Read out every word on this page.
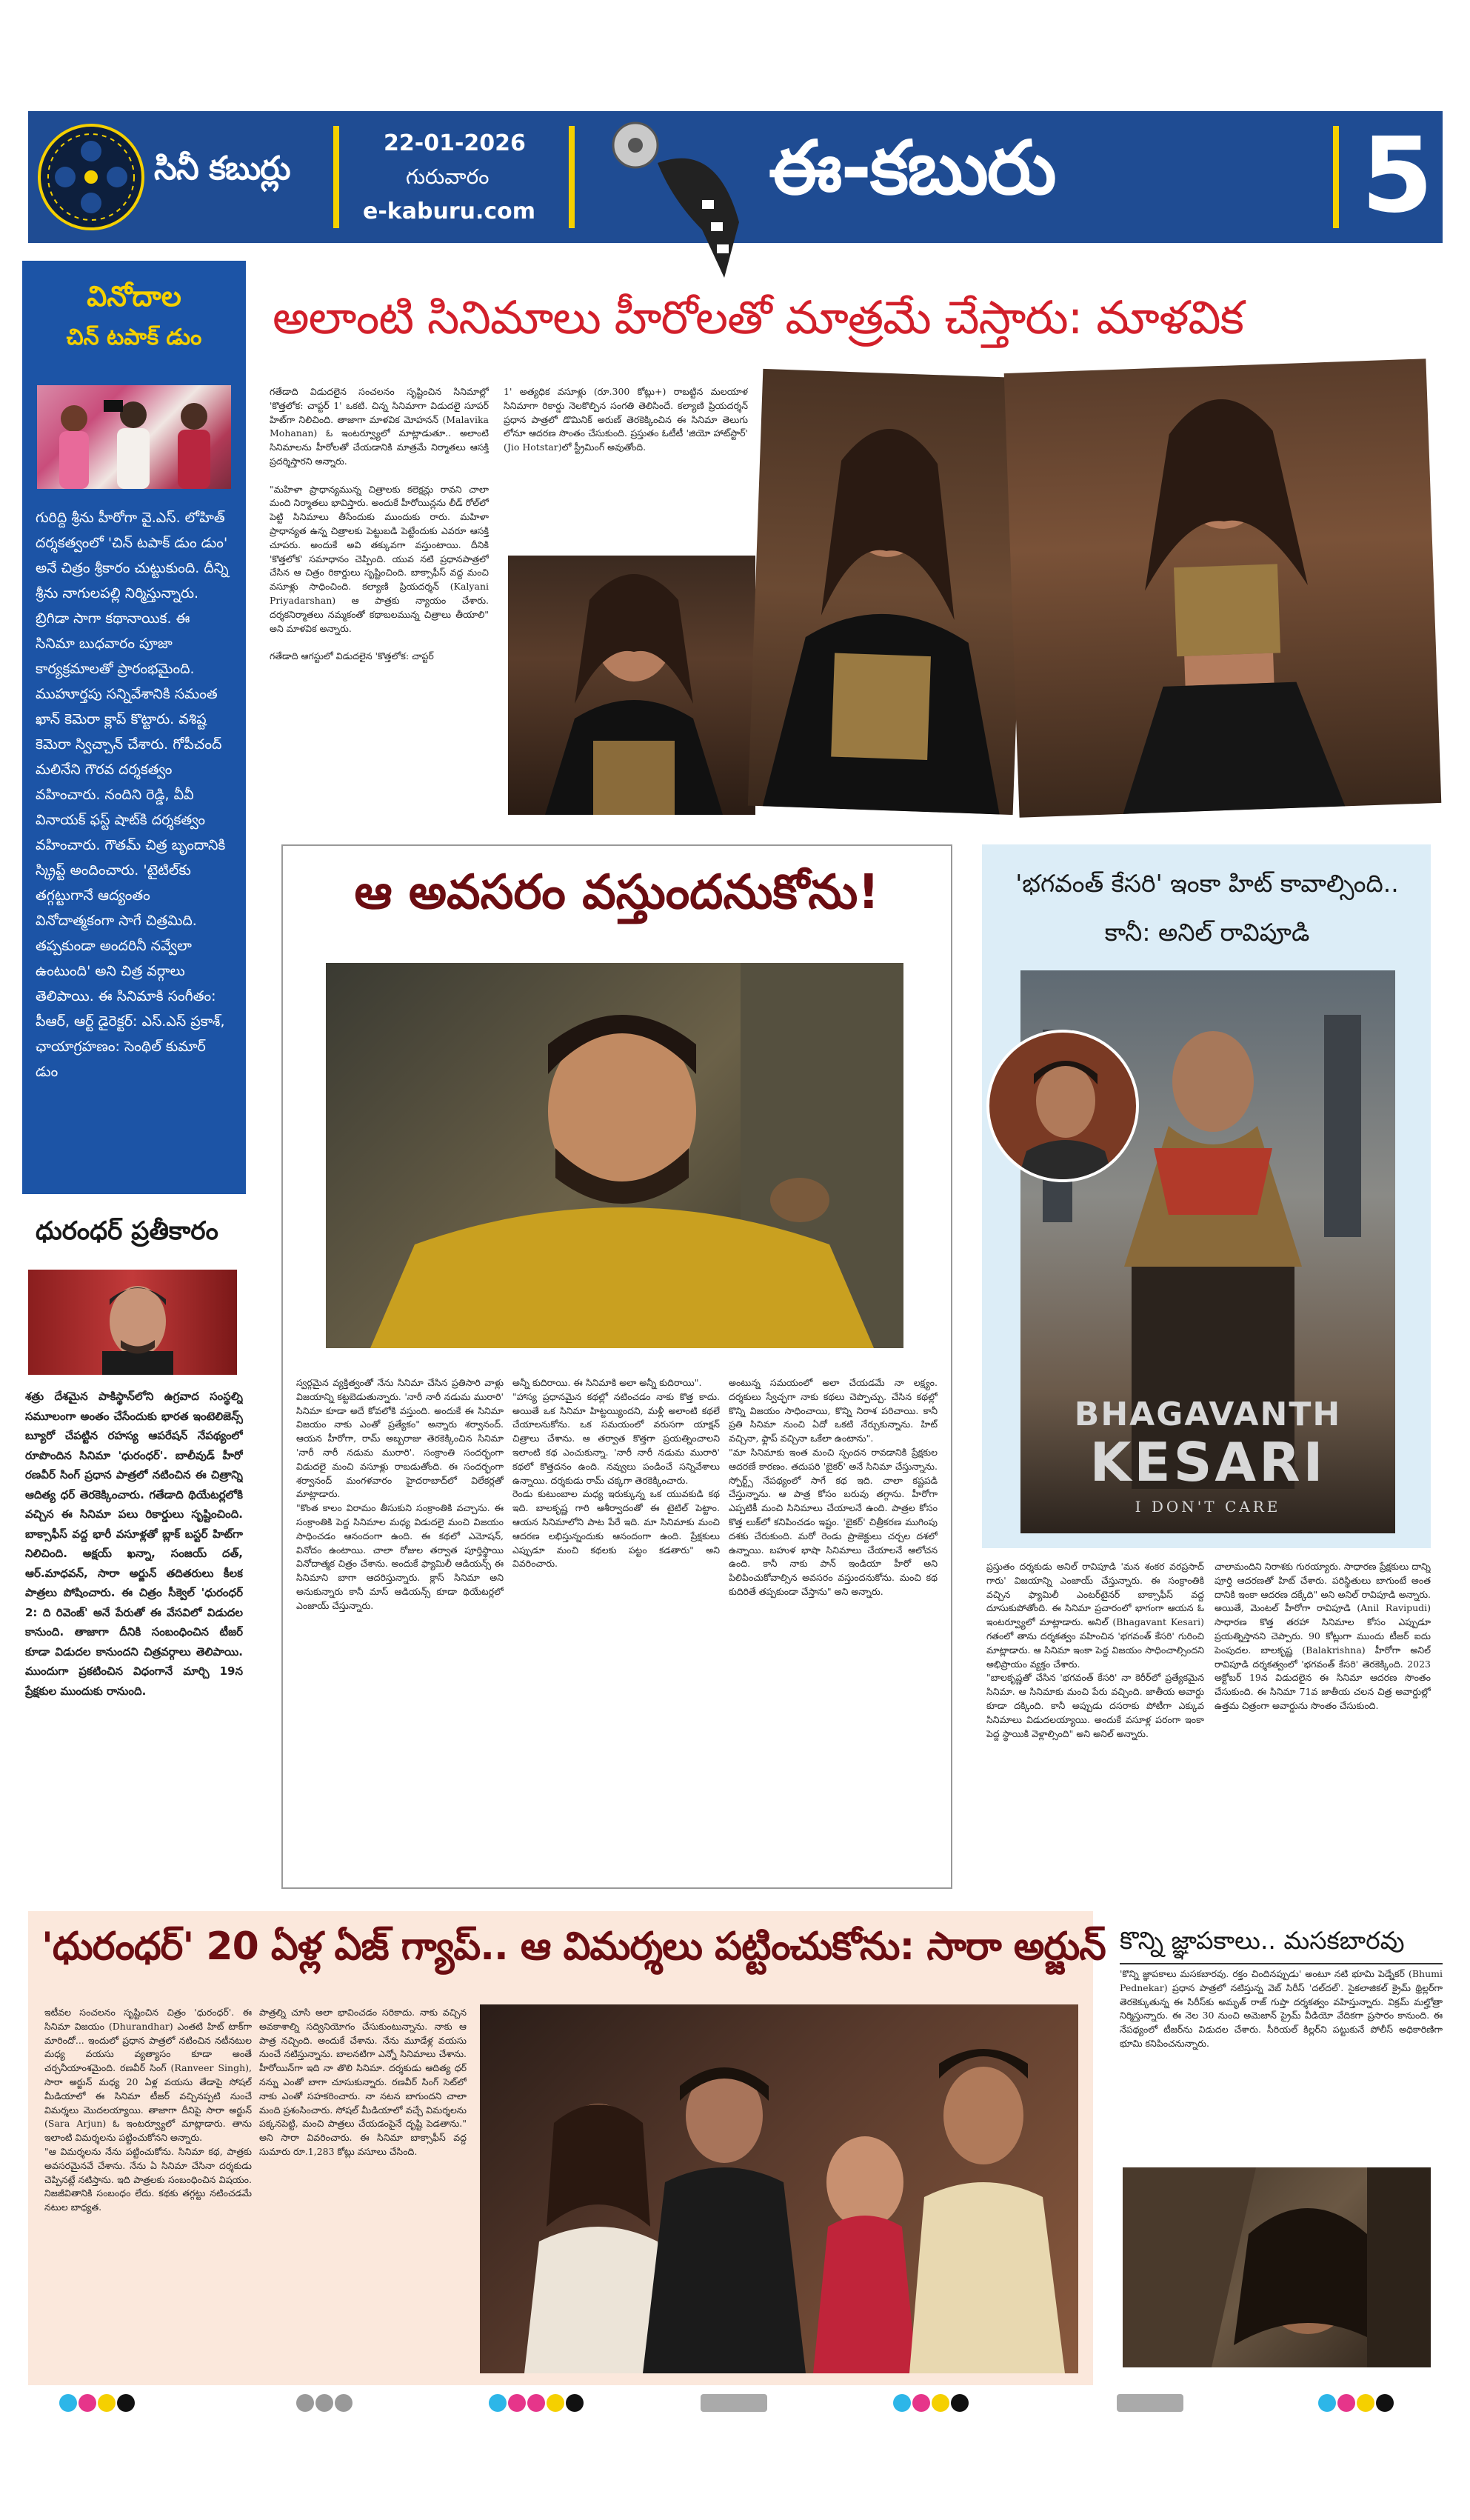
సినీ కబుర్లు
22-01-2026
గురువారం
e-kaburu.com
ఈ-కబురు	5
వినోదాల
చిన్ టపాక్ డుం
గురిద్ది శ్రీను హీరోగా వై.ఎస్. లోహిత్ దర్శకత్వంలో 'చిన్ టపాక్ డుం డుం' అనే చిత్రం శ్రీకారం చుట్టుకుంది. దీన్ని శ్రీను నాగులపల్లి నిర్మిస్తున్నారు. బ్రిగిడా సాగా కథానాయిక. ఈ సినిమా బుధవారం పూజా కార్యక్రమాలతో ప్రారంభమైంది. ముహూర్తపు సన్నివేశానికి సమంత ఖాన్ కెమెరా క్లాప్ కొట్టారు. వశిష్ట కెమెరా స్విచ్చాన్ చేశారు. గోపీచంద్ మలినేని గౌరవ దర్శకత్వం వహించారు. నందిని రెడ్డి, వీవీ వినాయక్ ఫస్ట్ షాట్‌కి దర్శకత్వం వహించారు. గౌతమ్ చిత్ర బృందానికి స్క్రిప్ట్ అందించారు. 'టైటిల్‌కు తగ్గట్టుగానే ఆద్యంతం వినోదాత్మకంగా సాగే చిత్రమిది. తప్పకుండా అందరినీ నవ్వేలా ఉంటుంది' అని చిత్ర వర్గాలు తెలిపాయి. ఈ సినిమాకి సంగీతం: పీఆర్, ఆర్ట్ డైరెక్టర్: ఎస్.ఎస్ ప్రకాశ్, ఛాయాగ్రహణం: సెంథిల్ కుమార్ డుం
ధురంధర్ ప్రతీకారం
శత్రు దేశమైన పాకిస్థాన్‌లోని ఉగ్రవాద సంస్థల్ని సమూలంగా అంతం చేసేందుకు భారత ఇంటెలిజెన్స్ బ్యూరో చేపట్టిన రహస్య ఆపరేషన్ నేపథ్యంలో రూపొందిన సినిమా 'ధురంధర్'. బాలీవుడ్ హీరో రణవీర్ సింగ్ ప్రధాన పాత్రలో నటించిన ఈ చిత్రాన్ని ఆదిత్య ధర్ తెరకెక్కించారు. గతేడాది థియేటర్లలోకి వచ్చిన ఈ సినిమా పలు రికార్డులు సృష్టించింది. బాక్సాఫీస్ వద్ద భారీ వసూళ్లతో బ్లాక్ బస్టర్ హిట్‌గా నిలిచింది. అక్షయ్ ఖన్నా, సంజయ్ దత్, ఆర్.మాధవన్, సారా అర్జున్ తదితరులు కీలక పాత్రలు పోషించారు. ఈ చిత్రం సీక్వెల్ 'ధురంధర్ 2: ది రివెంజ్' అనే పేరుతో ఈ వేసవిలో విడుదల కానుంది. తాజాగా దీనికి సంబంధించిన టీజర్ కూడా విడుదల కానుందని చిత్రవర్గాలు తెలిపాయి. ముందుగా ప్రకటించిన విధంగానే మార్చి 19న ప్రేక్షకుల ముందుకు రానుంది.
అలాంటి సినిమాలు హీరోలతో మాత్రమే చేస్తారు: మాళవిక
గతేడాది విడుదలైన సంచలనం సృష్టించిన సినిమాల్లో 'కొత్తలోక: చాప్టర్ 1' ఒకటి. చిన్న సినిమాగా విడుదలై సూపర్ హిట్‌గా నిలిచింది. తాజాగా మాళవిక మోహనన్ (Malavika Mohanan) ఓ ఇంటర్వ్యూలో మాట్లాడుతూ.. అలాంటి సినిమాలను హీరోలతో చేయడానికి మాత్రమే నిర్మాతలు ఆసక్తి ప్రదర్శిస్తారని అన్నారు.

"మహిళా ప్రాధాన్యమున్న చిత్రాలకు కలెక్షన్లు రావని చాలా మంది నిర్మాతలు భావిస్తారు. అందుకే హీరోయిన్లను లీడ్ రోల్‌లో పెట్టి సినిమాలు తీసేందుకు ముందుకు రారు. మహిళా ప్రాధాన్యత ఉన్న చిత్రాలకు పెట్టుబడి పెట్టేందుకు ఎవరూ ఆసక్తి చూపరు. అందుకే అవి తక్కువగా వస్తుంటాయి. దీనికి 'కొత్తలోక' సమాధానం చెప్పింది. యువ నటి ప్రధానపాత్రలో చేసిన ఆ చిత్రం రికార్డులు సృష్టించింది. బాక్సాఫీస్ వద్ద మంచి వసూళ్లు సాధించింది. కల్యాణి ప్రియదర్శన్ (Kalyani Priyadarshan) ఆ పాత్రకు న్యాయం చేశారు. దర్శకనిర్మాతలు నమ్మకంతో కథాబలమున్న చిత్రాలు తీయాలి" అని మాళవిక అన్నారు.

గతేడాది ఆగస్టులో విడుదలైన 'కొత్తలోక: చాప్టర్
1' అత్యధిక వసూళ్లు (రూ.300 కోట్లు+) రాబట్టిన మలయాళ సినిమాగా రికార్డు నెలకొల్పిన సంగతి తెలిసిందే. కల్యాణి ప్రియదర్శన్ ప్రధాన పాత్రలో డొమినిక్ అరుణ్ తెరకెక్కించిన ఈ సినిమా తెలుగు లోనూ ఆదరణ సొంతం చేసుకుంది. ప్రస్తుతం ఓటీటీ 'జియో హాట్‌స్టార్' (Jio Hotstar)లో స్ట్రీమింగ్ అవుతోంది.
ఆ అవసరం వస్తుందనుకోను!
స్వర్గమైన వ్యక్తిత్వంతో నేను సినిమా చేసిన ప్రతిసారి వాళ్లు విజయాన్ని కట్టబెడుతున్నారు. 'నారీ నారీ నడుమ మురారి' సినిమా కూడా అదే కోవలోకి వస్తుంది. అందుకే ఈ సినిమా విజయం నాకు ఎంతో ప్రత్యేకం" అన్నారు శర్వానంద్. ఆయన హీరోగా, రామ్ అబ్బరాజు తెరకెక్కించిన సినిమా 'నారీ నారీ నడుమ మురారి'. సంక్రాంతి సందర్భంగా విడుదలై మంచి వసూళ్లు రాబడుతోంది. ఈ సందర్భంగా శర్వానంద్ మంగళవారం హైదరాబాద్‌లో విలేకర్లతో మాట్లాడారు.
"కొంత కాలం విరామం తీసుకుని సంక్రాంతికి వచ్చాను. ఈ సంక్రాంతికి పెద్ద సినిమాల మధ్య విడుదలై మంచి విజయం సాధించడం ఆనందంగా ఉంది. ఈ కథలో ఎమోషన్, వినోదం ఉంటాయి. చాలా రోజుల తర్వాత పూర్తిస్థాయి వినోదాత్మక చిత్రం చేశాను. అందుకే ఫ్యామిలీ ఆడియన్స్ ఈ సినిమాని బాగా ఆదరిస్తున్నారు. క్లాస్ సినిమా అని అనుకున్నారు కానీ మాస్ ఆడియన్స్ కూడా థియేటర్లలో ఎంజాయ్ చేస్తున్నారు.
అన్నీ కుదిరాయి. ఈ సినిమాకి అలా అన్నీ కుదిరాయి".
"హాస్య ప్రధానమైన కథల్లో నటించడం నాకు కొత్త కాదు. అయితే ఒక సినిమా హిట్టయ్యిందని, మళ్లీ అలాంటి కథలే చేయాలనుకోను. ఒక సమయంలో వరుసగా యాక్షన్ చిత్రాలు చేశాను. ఆ తర్వాత కొత్తగా ప్రయత్నించాలని ఇలాంటి కథ ఎంచుకున్నా. 'నారీ నారీ నడుమ మురారి' కథలో కొత్తదనం ఉంది. నవ్వులు పండించే సన్నివేశాలు ఉన్నాయి. దర్శకుడు రామ్ చక్కగా తెరకెక్కించారు.
రెండు కుటుంబాల మధ్య ఇరుక్కున్న ఒక యువకుడి కథ ఇది. బాలకృష్ణ గారి ఆశీర్వాదంతో ఈ టైటిల్ పెట్టాం. ఆయన సినిమాలోని పాట పేరే ఇది. మా సినిమాకు మంచి ఆదరణ లభిస్తున్నందుకు ఆనందంగా ఉంది. ప్రేక్షకులు ఎప్పుడూ మంచి కథలకు పట్టం కడతారు" అని వివరించారు.
అంటున్న సమయంలో అలా చేయడమే నా లక్ష్యం. దర్శకులు స్వేచ్ఛగా నాకు కథలు చెప్పొచ్చు. చేసిన కథల్లో కొన్ని విజయం సాధించాయి, కొన్ని నిరాశ పరిచాయి. కానీ ప్రతి సినిమా నుంచి ఏదో ఒకటి నేర్చుకున్నాను. హిట్ వచ్చినా, ఫ్లాప్ వచ్చినా ఒకేలా ఉంటాను".
"మా సినిమాకు ఇంత మంచి స్పందన రావడానికి ప్రేక్షకుల ఆదరణే కారణం. తదుపరి 'బైకర్' అనే సినిమా చేస్తున్నాను. స్పోర్ట్స్ నేపథ్యంలో సాగే కథ ఇది. చాలా కష్టపడి చేస్తున్నాను. ఆ పాత్ర కోసం బరువు తగ్గాను. హీరోగా ఎప్పటికీ మంచి సినిమాలు చేయాలనే ఉంది. పాత్రల కోసం కొత్త లుక్‌లో కనిపించడం ఇష్టం. 'బైకర్' చిత్రీకరణ ముగింపు దశకు చేరుకుంది. మరో రెండు ప్రాజెక్టులు చర్చల దశలో ఉన్నాయి. బహుళ భాషా సినిమాలు చేయాలనే ఆలోచన ఉంది. కానీ నాకు పాన్ ఇండియా హీరో అని పిలిపించుకోవాల్సిన అవసరం వస్తుందనుకోను. మంచి కథ కుదిరితే తప్పకుండా చేస్తాను" అని అన్నారు.
'భగవంత్ కేసరి' ఇంకా హిట్ కావాల్సింది.. కానీ: అనిల్ రావిపూడి
BHAGAVANTH
KESARI
I DON'T CARE
ప్రస్తుతం దర్శకుడు అనిల్ రావిపూడి 'మన శంకర వరప్రసాద్ గారు' విజయాన్ని ఎంజాయ్ చేస్తున్నారు. ఈ సంక్రాంతికి వచ్చిన ఫ్యామిలీ ఎంటర్‌టైనర్ బాక్సాఫీస్ వద్ద దూసుకుపోతోంది. ఈ సినిమా ప్రచారంలో భాగంగా ఆయన ఓ ఇంటర్వ్యూలో మాట్లాడారు. అనిల్ (Bhagavant Kesari) గతంలో తాను దర్శకత్వం వహించిన 'భగవంత్ కేసరి' గురించి మాట్లాడారు. ఆ సినిమా ఇంకా పెద్ద విజయం సాధించాల్సిందని అభిప్రాయం వ్యక్తం చేశారు.
"బాలకృష్ణతో చేసిన 'భగవంత్ కేసరి' నా కెరీర్‌లో ప్రత్యేకమైన సినిమా. ఆ సినిమాకు మంచి పేరు వచ్చింది. జాతీయ అవార్డు కూడా దక్కింది. కానీ అప్పుడు దసరాకు పోటీగా ఎక్కువ సినిమాలు విడుదలయ్యాయి. అందుకే వసూళ్ల పరంగా ఇంకా పెద్ద స్థాయికి వెళ్లాల్సింది" అని అనిల్ అన్నారు.
చాలామందిని నిరాశకు గురయ్యారు. సాధారణ ప్రేక్షకులు దాన్ని పూర్తి ఆదరణతో హిట్ చేశారు. పరిస్థితులు బాగుంటే అంత దానికి ఇంకా ఆదరణ దక్కేది" అని అనిల్ రావిపూడి అన్నారు. అయితే, మెంటల్ హీరోగా రావిపూడి (Anil Ravipudi) సాధారణ కొత్త తరహా సినిమాల కోసం ఎప్పుడూ ప్రయత్నిస్తానని చెప్పారు. 90 కోట్లుగా ముందు టీజర్ ఐదు పెంపుదల. బాలకృష్ణ (Balakrishna) హీరోగా అనిల్ రావిపూడి దర్శకత్వంలో 'భగవంత్ కేసరి' తెరకెక్కింది. 2023 అక్టోబర్ 19న విడుదలైన ఈ సినిమా ఆదరణ సొంతం చేసుకుంది. ఈ సినిమా 71వ జాతీయ చలన చిత్ర అవార్డుల్లో ఉత్తమ చిత్రంగా అవార్డును సొంతం చేసుకుంది.
'ధురంధర్' 20 ఏళ్ల ఏజ్ గ్యాప్.. ఆ విమర్శలు పట్టించుకోను: సారా అర్జున్
ఇటీవల సంచలనం సృష్టించిన చిత్రం 'ధురంధర్'. ఈ సినిమా విజయం (Dhurandhar) ఎంతటి హిట్ టాక్‌గా మారిందో... ఇందులో ప్రధాన పాత్రలో నటించిన నటీనటుల మధ్య వయసు వ్యత్యాసం కూడా అంతే చర్చనీయాంశమైంది. రణవీర్ సింగ్ (Ranveer Singh), సారా అర్జున్ మధ్య 20 ఏళ్ల వయసు తేడాపై సోషల్ మీడియాలో ఈ సినిమా టీజర్ వచ్చినప్పటి నుంచే విమర్శలు మొదలయ్యాయి. తాజాగా దీనిపై సారా అర్జున్ (Sara Arjun) ఓ ఇంటర్వ్యూలో మాట్లాడారు. తాను ఇలాంటి విమర్శలను పట్టించుకోనని అన్నారు.
"ఆ విమర్శలను నేను పట్టించుకోను. సినిమా కథ, పాత్రకు అవసరమైనవే చేశాను. నేను ఏ సినిమా చేసినా దర్శకుడు చెప్పినట్లే నటిస్తాను. ఇది పాత్రలకు సంబంధించిన విషయం. నిజజీవితానికి సంబంధం లేదు. కథకు తగ్గట్టు నటించడమే నటుల బాధ్యత.
పాత్రల్ని చూసి అలా భావించడం సరికాదు. నాకు వచ్చిన అవకాశాల్ని సద్వినియోగం చేసుకుంటున్నాను. నాకు ఆ పాత్ర నచ్చింది. అందుకే చేశాను. నేను మూడేళ్ల వయసు నుంచే నటిస్తున్నాను. బాలనటిగా ఎన్నో సినిమాలు చేశాను. హీరోయిన్‌గా ఇది నా తొలి సినిమా. దర్శకుడు ఆదిత్య ధర్ నన్ను ఎంతో బాగా చూసుకున్నారు. రణవీర్ సింగ్ సెట్‌లో నాకు ఎంతో సహకరించారు. నా నటన బాగుందని చాలా మంది ప్రశంసించారు. సోషల్ మీడియాలో వచ్చే విమర్శలను పక్కనపెట్టి, మంచి పాత్రలు చేయడంపైనే దృష్టి పెడతాను." అని సారా వివరించారు. ఈ సినిమా బాక్సాఫీస్ వద్ద సుమారు రూ.1,283 కోట్లు వసూలు చేసింది.
కొన్ని జ్ఞాపకాలు.. మసకబారవు
'కొన్ని జ్ఞాపకాలు మసకబారవు. రక్తం చిందినప్పుడు' అంటూ నటి భూమి పెడ్నేకర్ (Bhumi Pednekar) ప్రధాన పాత్రలో నటిస్తున్న వెబ్ సిరీస్ 'దల్‌దల్'. సైకలాజికల్ క్రైమ్ థ్రిల్లర్‌గా తెరకెక్కుతున్న ఈ సిరీస్‌కు అమృత్ రాజ్ గుప్తా దర్శకత్వం వహిస్తున్నారు. విక్రమ్ మల్హోత్రా నిర్మిస్తున్నారు. ఈ నెల 30 నుంచి అమెజాన్ ప్రైమ్ వీడియో వేదికగా ప్రసారం కానుంది. ఈ నేపథ్యంలో టీజర్‌ను విడుదల చేశారు. సీరియల్ కిల్లర్‌ని పట్టుకునే పోలీస్ అధికారిణిగా భూమి కనిపించనున్నారు.
